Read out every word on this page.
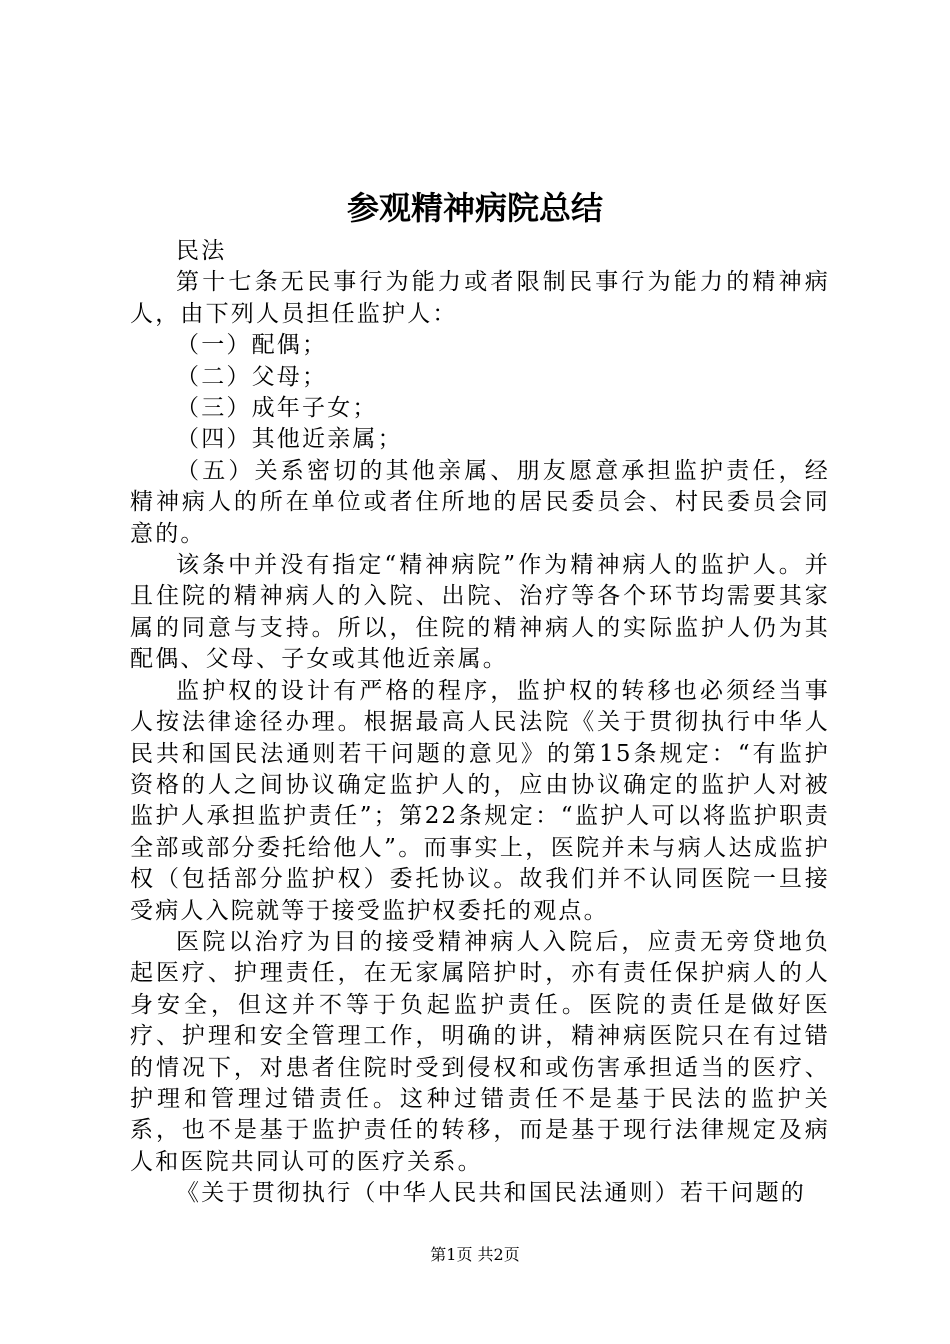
参观精神病院总结

民法

第十七条无民事行为能力或者限制民事行为能力的精神病人，由下列人员担任监护人：

（一）配偶；

（二）父母；

（三）成年子女；

（四）其他近亲属；

（五）关系密切的其他亲属、朋友愿意承担监护责任，经精神病人的所在单位或者住所地的居民委员会、村民委员会同意的。

该条中并没有指定“精神病院”作为精神病人的监护人。并且住院的精神病人的入院、出院、治疗等各个环节均需要其家属的同意与支持。所以，住院的精神病人的实际监护人仍为其配偶、父母、子女或其他近亲属。

监护权的设计有严格的程序，监护权的转移也必须经当事人按法律途径办理。根据最高人民法院《关于贯彻执行中华人民共和国民法通则若干问题的意见》的第15条规定：“有监护资格的人之间协议确定监护人的，应由协议确定的监护人对被监护人承担监护责任”；第22条规定：“监护人可以将监护职责全部或部分委托给他人”。而事实上，医院并未与病人达成监护权（包括部分监护权）委托协议。故我们并不认同医院一旦接受病人入院就等于接受监护权委托的观点。

医院以治疗为目的接受精神病人入院后，应责无旁贷地负起医疗、护理责任，在无家属陪护时，亦有责任保护病人的人身安全，但这并不等于负起监护责任。医院的责任是做好医疗、护理和安全管理工作，明确的讲，精神病医院只在有过错的情况下，对患者住院时受到侵权和或伤害承担适当的医疗、护理和管理过错责任。这种过错责任不是基于民法的监护关系，也不是基于监护责任的转移，而是基于现行法律规定及病人和医院共同认可的医疗关系。

《关于贯彻执行（中华人民共和国民法通则）若干问题的

第1页 共2页
